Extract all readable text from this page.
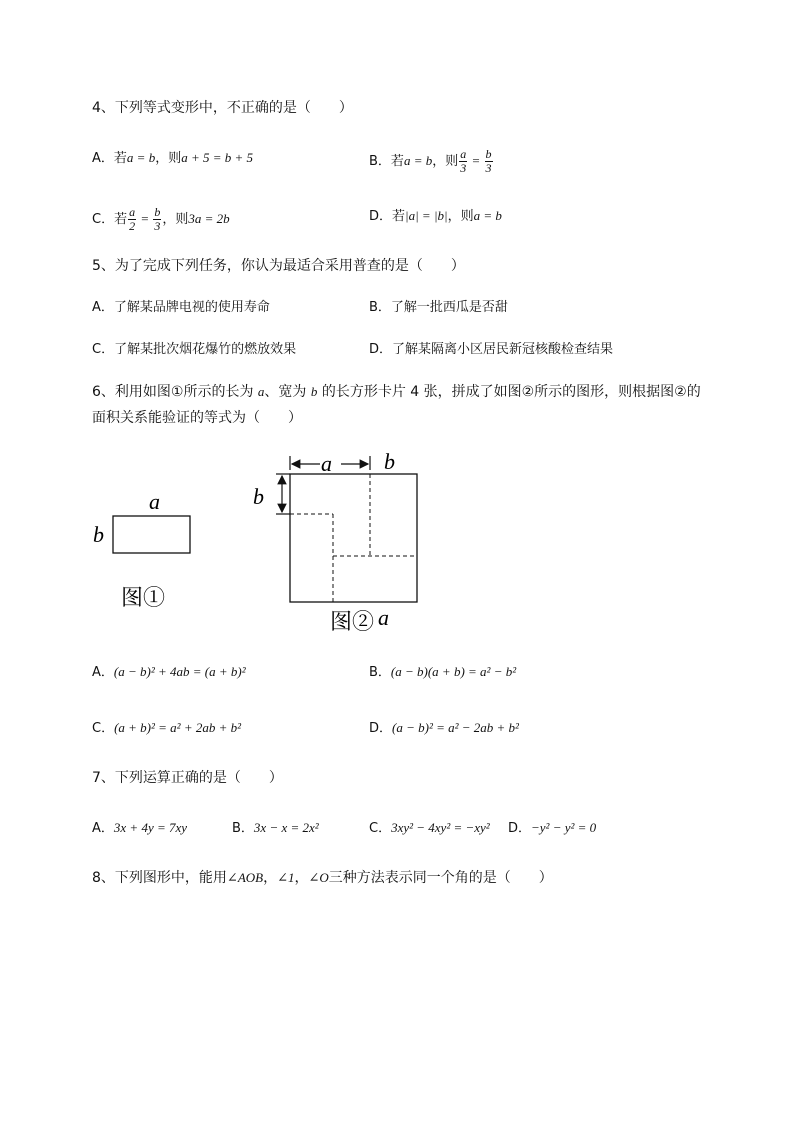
4、下列等式变形中，不正确的是（　　）
A．若a = b，则a + 5 = b + 5	B．若a = b，则 $\frac{a}{3} = \frac{b}{3}$
C．若 $\frac{a}{2} = \frac{b}{3}$ ，则3a = 2b	D．若|a| = |b|，则a = b
5、为了完成下列任务，你认为最适合采用普查的是（　　）
A．了解某品牌电视的使用寿命	B．了解一批西瓜是否甜
C．了解某批次烟花爆竹的燃放效果	D．了解某隔离小区居民新冠核酸检查结果
6、利用如图①所示的长为 a、宽为 b 的长方形卡片 4 张，拼成了如图②所示的图形，则根据图②的
面积关系能验证的等式为（　　）
a
b
图①
a b
b
图② a
A．(a − b)² + 4ab = (a + b)²	B．(a − b)(a + b) = a² − b²
C．(a + b)² = a² + 2ab + b²	D．(a − b)² = a² − 2ab + b²
7、下列运算正确的是（　　）
A．3x + 4y = 7xy	B．3x − x = 2x²	C．3xy² − 4xy² = −xy² D．−y² − y² = 0
8、下列图形中，能用∠AOB，∠1，∠O三种方法表示同一个角的是（　　）
